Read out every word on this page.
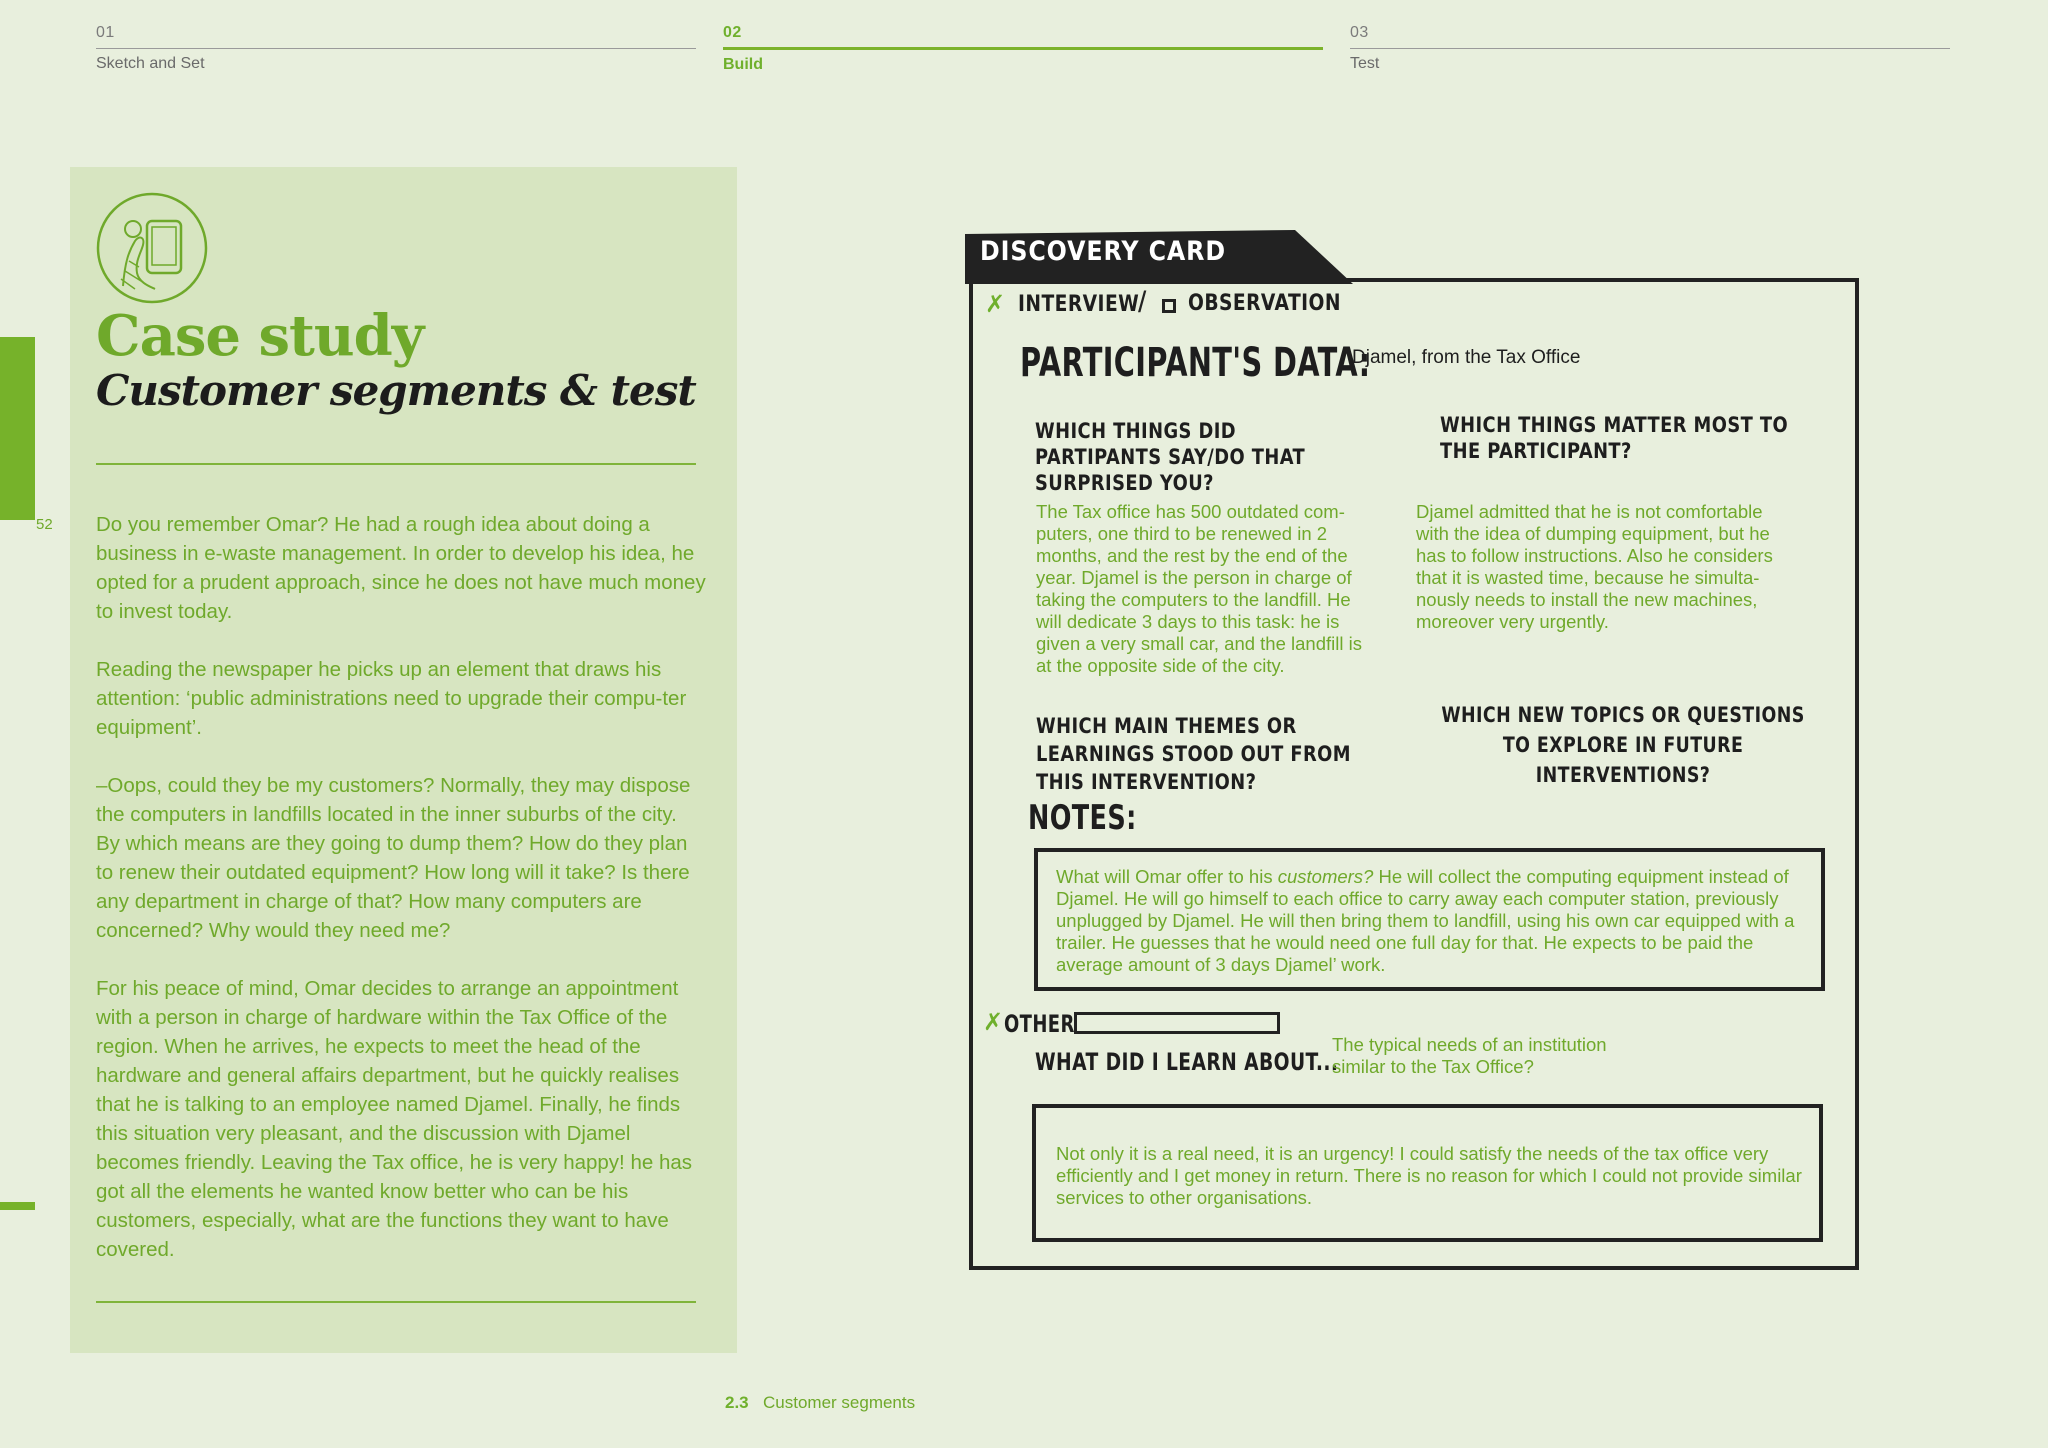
01
Sketch and Set
02
Build
03
Test
52
Case study
Customer segments & test

Do you remember Omar? He had a rough idea about doing a business in e-waste management. In order to develop his idea, he opted for a prudent approach, since he does not have much money to invest today.

Reading the newspaper he picks up an element that draws his attention: ‘public administrations need to upgrade their compu-ter equipment’.

–Oops, could they be my customers? Normally, they may dispose the computers in landfills located in the inner suburbs of the city. By which means are they going to dump them? How do they plan to renew their outdated equipment? How long will it take? Is there any department in charge of that? How many computers are concerned? Why would they need me?

For his peace of mind, Omar decides to arrange an appointment with a person in charge of hardware within the Tax Office of the region. When he arrives, he expects to meet the head of the hardware and general affairs department, but he quickly realises that he is talking to an employee named Djamel. Finally, he finds this situation very pleasant, and the discussion with Djamel becomes friendly. Leaving the Tax office, he is very happy! he has got all the elements he wanted know better who can be his customers, especially, what are the functions they want to have covered.

DISCOVERY CARD
✗ INTERVIEW
/ OBSERVATION
PARTICIPANT'S DATA:
Djamel, from the Tax Office
WHICH THINGS DID PARTIPANTS SAY/DO THAT SURPRISED YOU?
WHICH THINGS MATTER MOST TO THE PARTICIPANT?
The Tax office has 500 outdated com-puters, one third to be renewed in 2 months, and the rest by the end of the year. Djamel is the person in charge of taking the computers to the landfill. He will dedicate 3 days to this task: he is given a very small car, and the landfill is at the opposite side of the city.
Djamel admitted that he is not comfortable with the idea of dumping equipment, but he has to follow instructions. Also he considers that it is wasted time, because he simulta-nously needs to install the new machines, moreover very urgently.
WHICH MAIN THEMES OR LEARNINGS STOOD OUT FROM THIS INTERVENTION?
WHICH NEW TOPICS OR QUESTIONS TO EXPLORE IN FUTURE INTERVENTIONS?
NOTES:
What will Omar offer to his customers? He will collect the computing equipment instead of Djamel. He will go himself to each office to carry away each computer station, previously unplugged by Djamel. He will then bring them to landfill, using his own car equipped with a trailer. He guesses that he would need one full day for that. He expects to be paid the average amount of 3 days Djamel’ work.
✗ OTHER
WHAT DID I LEARN ABOUT...
The typical needs of an institution similar to the Tax Office?
Not only it is a real need, it is an urgency! I could satisfy the needs of the tax office very efficiently and I get money in return. There is no reason for which I could not provide similar services to other organisations.
2.3 Customer segments
